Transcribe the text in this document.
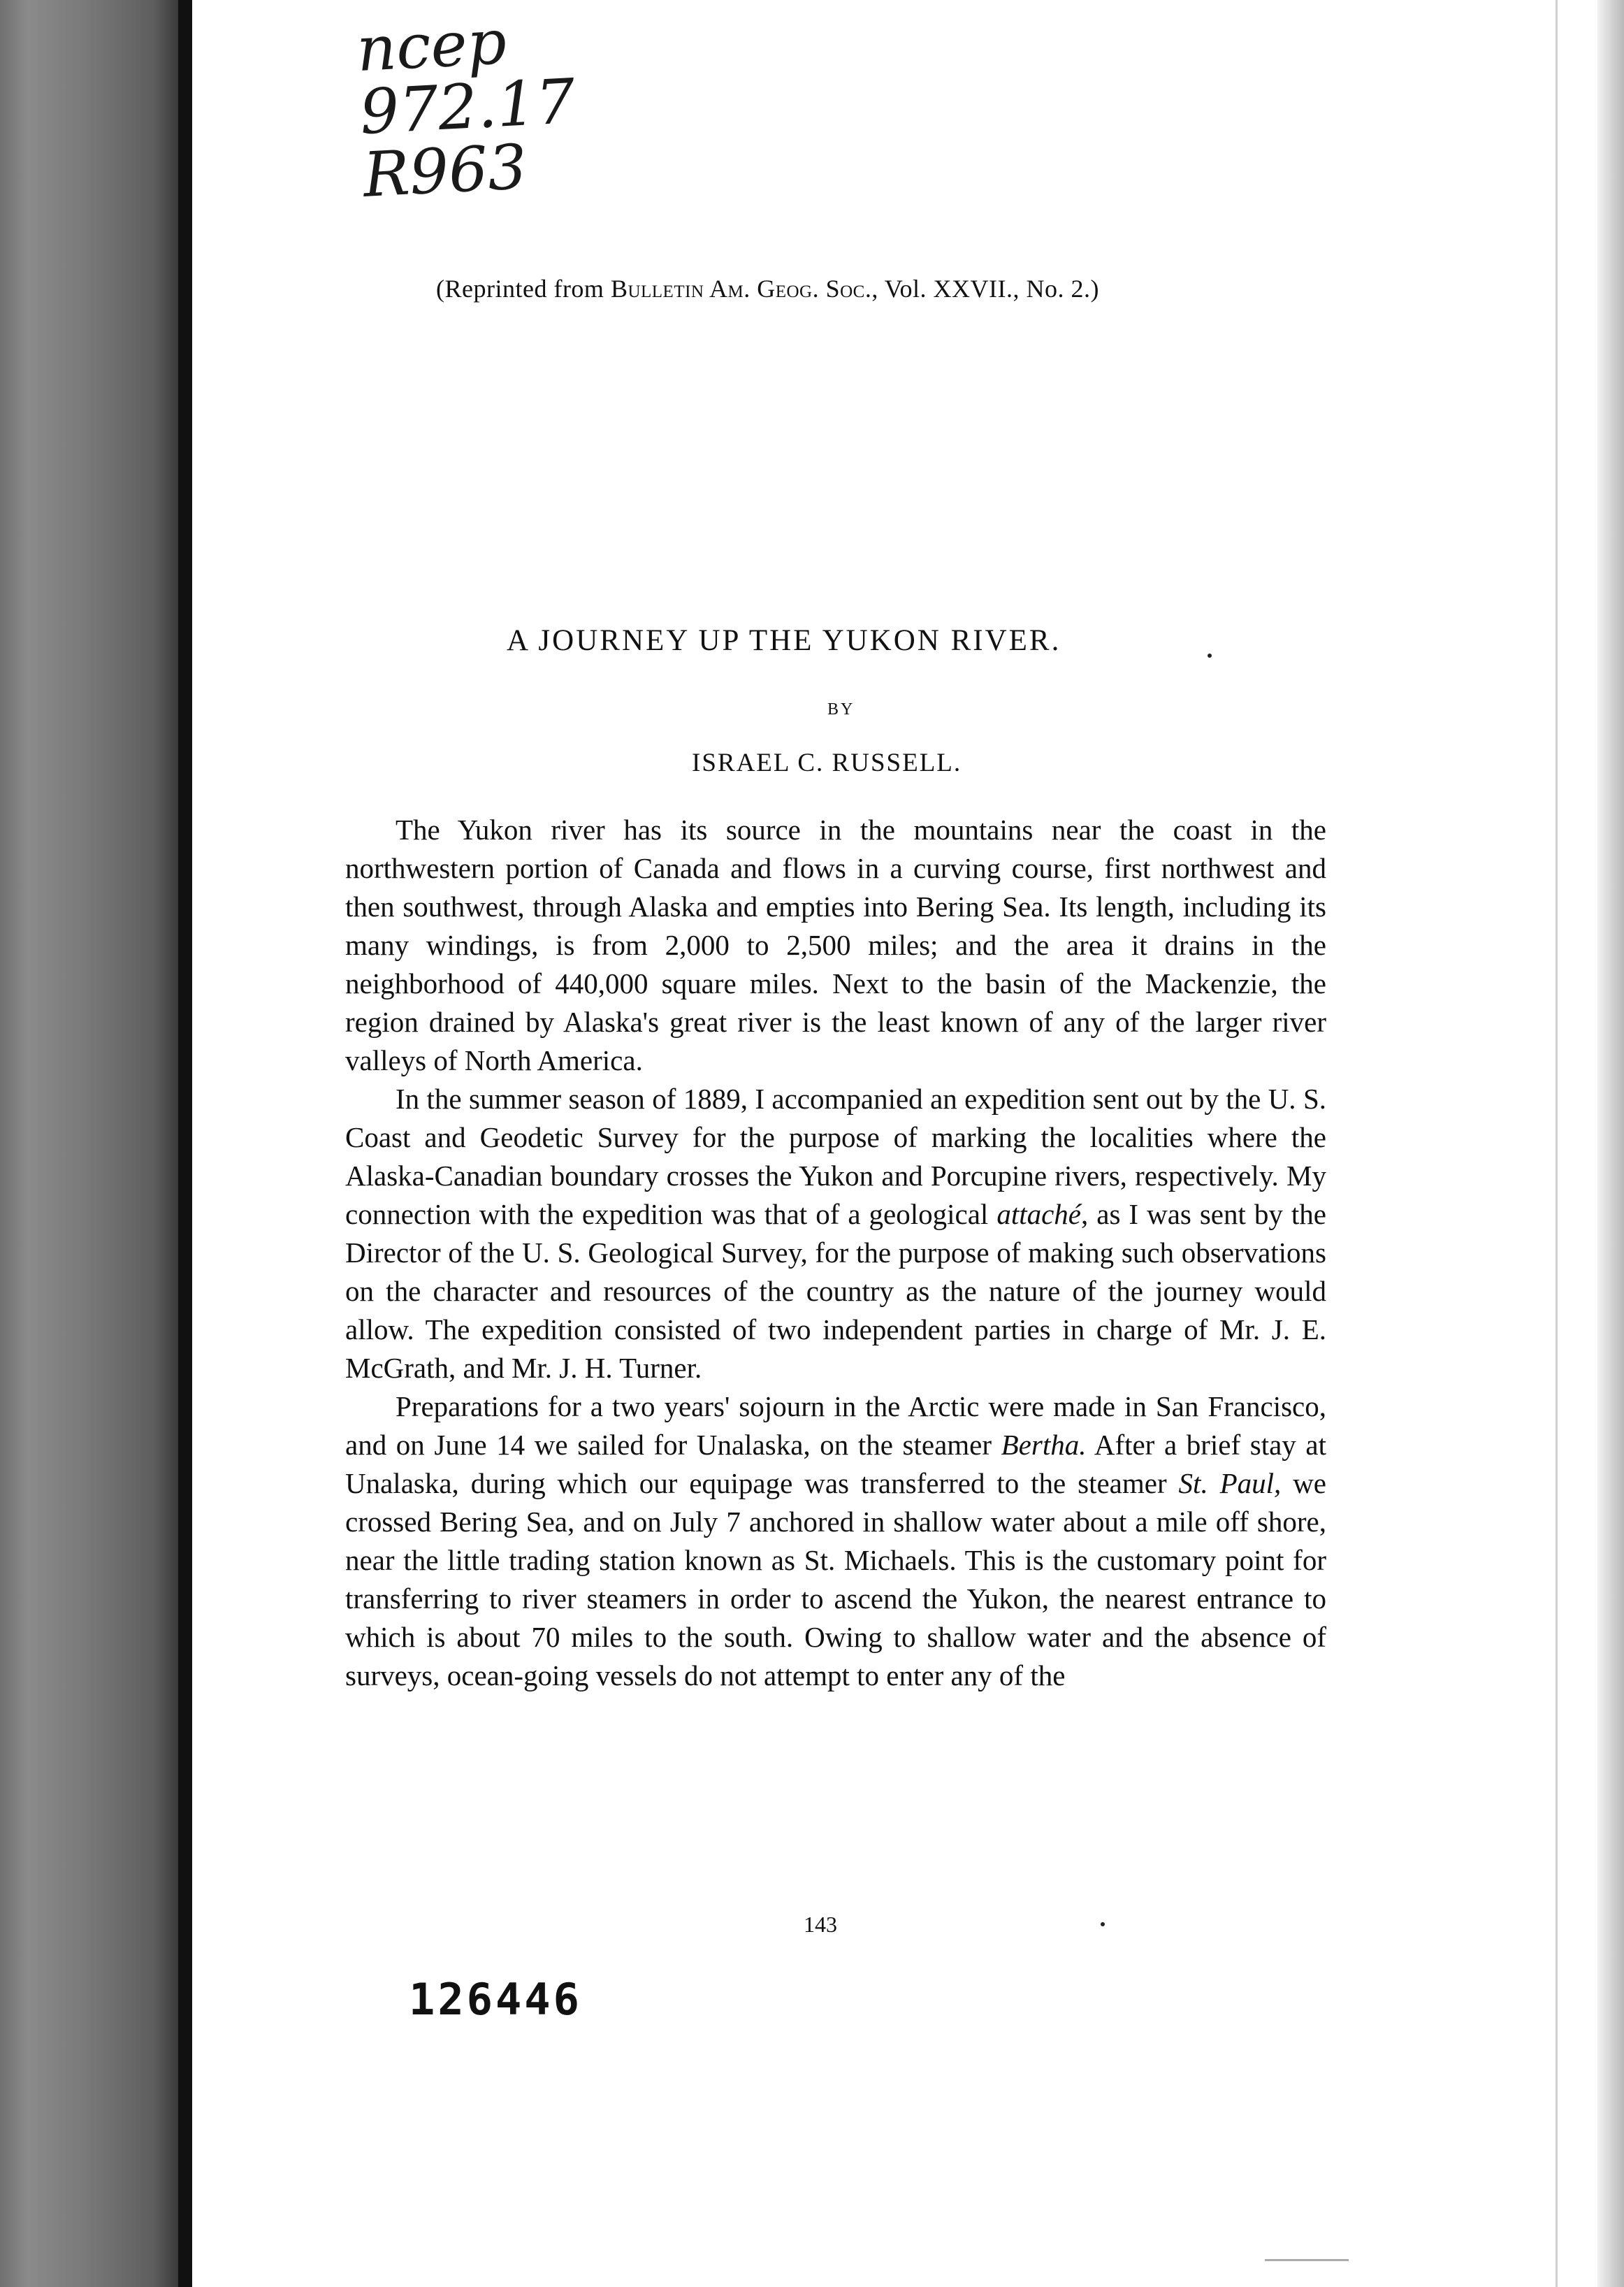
ncep
972.17
R963
(Reprinted from Bulletin Am. Geog. Soc., Vol. XXVII., No. 2.)
A JOURNEY UP THE YUKON RIVER.
BY
ISRAEL C. RUSSELL.

The Yukon river has its source in the mountains near the coast in the northwestern portion of Canada and flows in a curving course, first northwest and then southwest, through Alaska and empties into Bering Sea. Its length, including its many windings, is from 2,000 to 2,500 miles; and the area it drains in the neighborhood of 440,000 square miles. Next to the basin of the Mackenzie, the region drained by Alaska's great river is the least known of any of the larger river valleys of North America.

In the summer season of 1889, I accompanied an expedition sent out by the U. S. Coast and Geodetic Survey for the purpose of marking the localities where the Alaska-Canadian boundary crosses the Yukon and Porcupine rivers, respectively. My connection with the expedition was that of a geological attaché, as I was sent by the Director of the U. S. Geological Survey, for the purpose of making such observations on the character and resources of the country as the nature of the journey would allow. The expedition consisted of two independent parties in charge of Mr. J. E. McGrath, and Mr. J. H. Turner.

Preparations for a two years' sojourn in the Arctic were made in San Francisco, and on June 14 we sailed for Unalaska, on the steamer Bertha. After a brief stay at Unalaska, during which our equipage was transferred to the steamer St. Paul, we crossed Bering Sea, and on July 7 anchored in shallow water about a mile off shore, near the little trading station known as St. Michaels. This is the customary point for transferring to river steamers in order to ascend the Yukon, the nearest entrance to which is about 70 miles to the south. Owing to shallow water and the absence of surveys, ocean-going vessels do not attempt to enter any of the

143
126446
